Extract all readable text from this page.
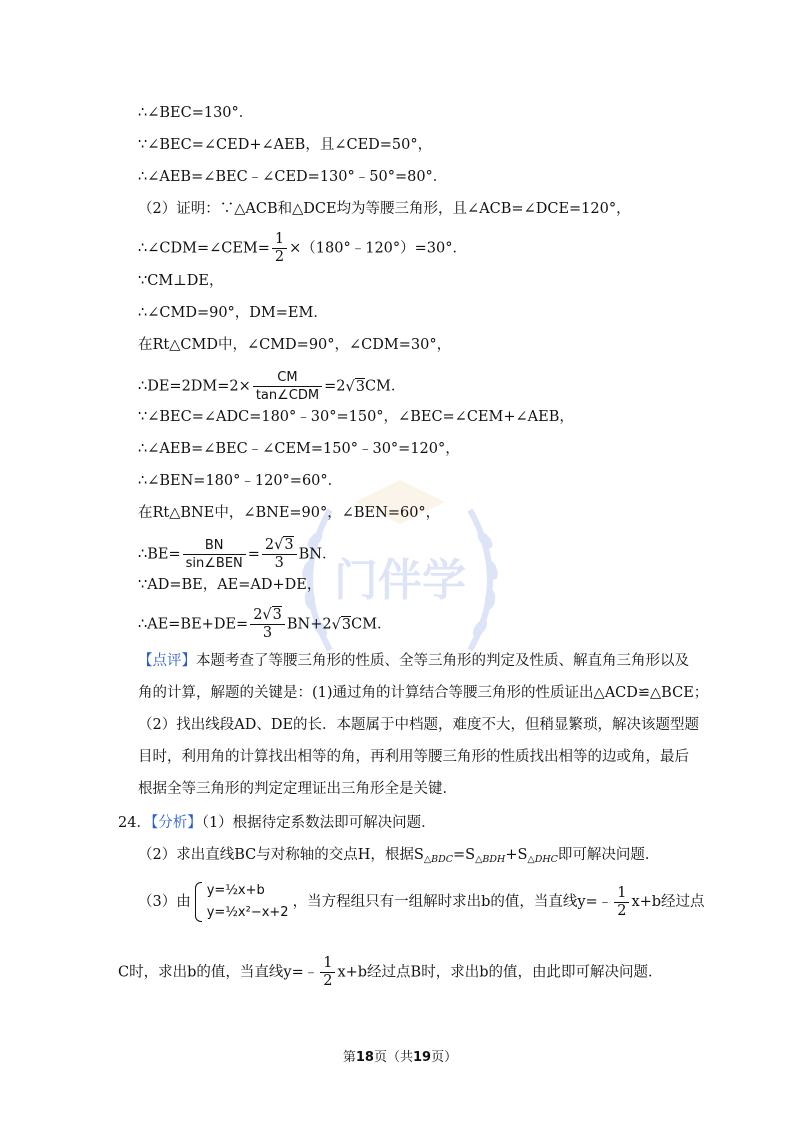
门伴学
∴∠BEC=130°．
∵∠BEC=∠CED+∠AEB，且∠CED=50°，
∴∠AEB=∠BEC﹣∠CED=130°﹣50°=80°．
（2）证明：∵△ACB和△DCE均为等腰三角形，且∠ACB=∠DCE=120°，
∴∠CDM=∠CEM= $\frac{1}{2}$ ×（180°﹣120°）=30°．
∵CM⊥DE，
∴∠CMD=90°，DM=EM．
在Rt△CMD中，∠CMD=90°，∠CDM=30°，
∴DE=2DM=2× $\frac{CM}{\text{tan∠CDM}} =2√3CM$．
∵∠BEC=∠ADC=180°﹣30°=150°，∠BEC=∠CEM+∠AEB，
∴∠AEB=∠BEC﹣∠CEM=150°﹣30°=120°，
∴∠BEN=180°﹣120°=60°．
在Rt△BNE中，∠BNE=90°，∠BEN=60°，
∴BE= $\frac{BN}{\text{sin∠BEN}} = \frac{2√3}{3}$ BN．
∵AD=BE，AE=AD+DE，
∴AE=BE+DE= $\frac{2√3}{3} BN+2√3CM$．
【点评】本题考查了等腰三角形的性质、全等三角形的判定及性质、解直角三角形以及
角的计算，解题的关键是：(1)通过角的计算结合等腰三角形的性质证出△ACD≌△BCE；
（2）找出线段AD、DE的长．本题属于中档题，难度不大，但稍显繁琐，解决该题型题
目时，利用角的计算找出相等的角，再利用等腰三角形的性质找出相等的边或角，最后
根据全等三角形的判定定理证出三角形全是关键．
24．【分析】（1）根据待定系数法即可解决问题．
（2）求出直线BC与对称轴的交点H，根据$S_{\triangle BDC}=S_{\triangle BDH}+S_{\triangle DHC}$即可解决问题．
（3）由
y=½x+b
y=½x²−x+2
，当方程组只有一组解时求出b的值，当直线y=﹣ $\frac{1}{2} x+b$经过点
C时，求出b的值，当直线y=﹣ $\frac{1}{2} x+b$经过点B时，求出b的值，由此即可解决问题．
第18页（共19页）
